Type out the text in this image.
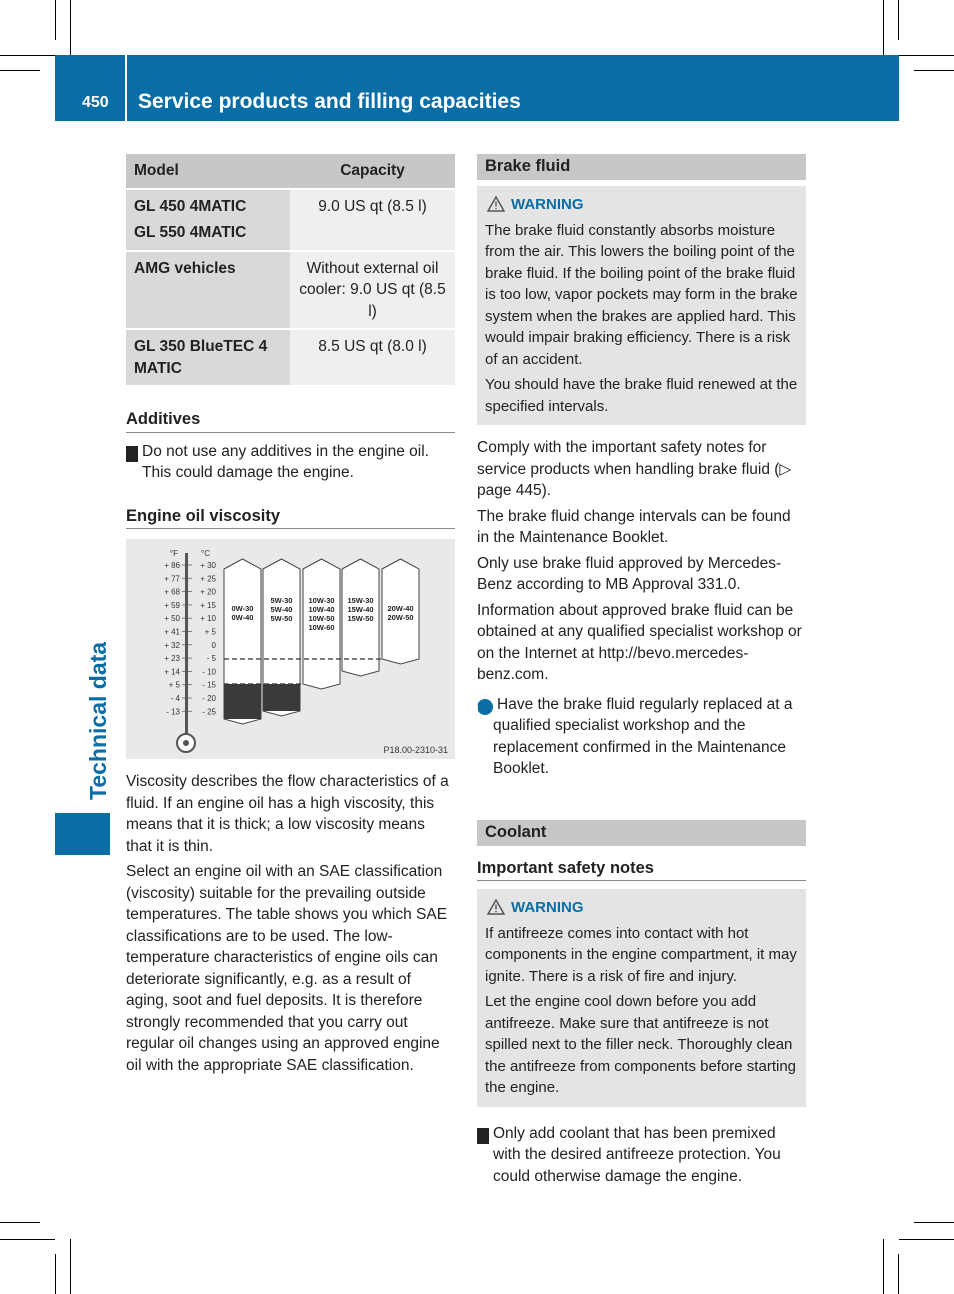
450 Service products and filling capacities
Technical data
Model	Capacity

GL 450 4MATIC
GL 550 4MATIC	9.0 US qt (8.5 l)
AMG vehicles	Without external oil cooler: 9.0 US qt (8.5 l)
GL 350 BlueTEC 4 MATIC	8.5 US qt (8.0 l)
Additives
! Do not use any additives in the engine oil. This could damage the engine.
Engine oil viscosity
°F	°C
+ 86	+ 30
+ 77	+ 25
+ 68	+ 20
+ 59	+ 15
+ 50	+ 10
+ 41	+ 5
+ 32	0
+ 23	- 5
+ 14	- 10
+ 5	- 15
- 4	- 20
- 13	- 25
0W-30
0W-40
5W-30
5W-40
5W-50
10W-30
10W-40
10W-50
10W-60
15W-30
15W-40
15W-50
20W-40
20W-50
P18.00-2310-31

Viscosity describes the flow characteristics of a fluid. If an engine oil has a high viscosity, this means that it is thick; a low viscosity means that it is thin.

Select an engine oil with an SAE classification (viscosity) suitable for the prevailing outside temperatures. The table shows you which SAE classifications are to be used. The low-temperature characteristics of engine oils can deteriorate significantly, e.g. as a result of aging, soot and fuel deposits. It is therefore strongly recommended that you carry out regular oil changes using an approved engine oil with the appropriate SAE classification.

Brake fluid
WARNING

The brake fluid constantly absorbs moisture from the air. This lowers the boiling point of the brake fluid. If the boiling point of the brake fluid is too low, vapor pockets may form in the brake system when the brakes are applied hard. This would impair braking efficiency. There is a risk of an accident.

You should have the brake fluid renewed at the specified intervals.

Comply with the important safety notes for service products when handling brake fluid (▷ page 445).

The brake fluid change intervals can be found in the Maintenance Booklet.

Only use brake fluid approved by Mercedes-Benz according to MB Approval 331.0.

Information about approved brake fluid can be obtained at any qualified specialist workshop or on the Internet at http://bevo.mercedes-benz.com.

i Have the brake fluid regularly replaced at a qualified specialist workshop and the replacement confirmed in the Maintenance Booklet.
Coolant
Important safety notes
WARNING

If antifreeze comes into contact with hot components in the engine compartment, it may ignite. There is a risk of fire and injury.

Let the engine cool down before you add antifreeze. Make sure that antifreeze is not spilled next to the filler neck. Thoroughly clean the antifreeze from components before starting the engine.

! Only add coolant that has been premixed with the desired antifreeze protection. You could otherwise damage the engine.
